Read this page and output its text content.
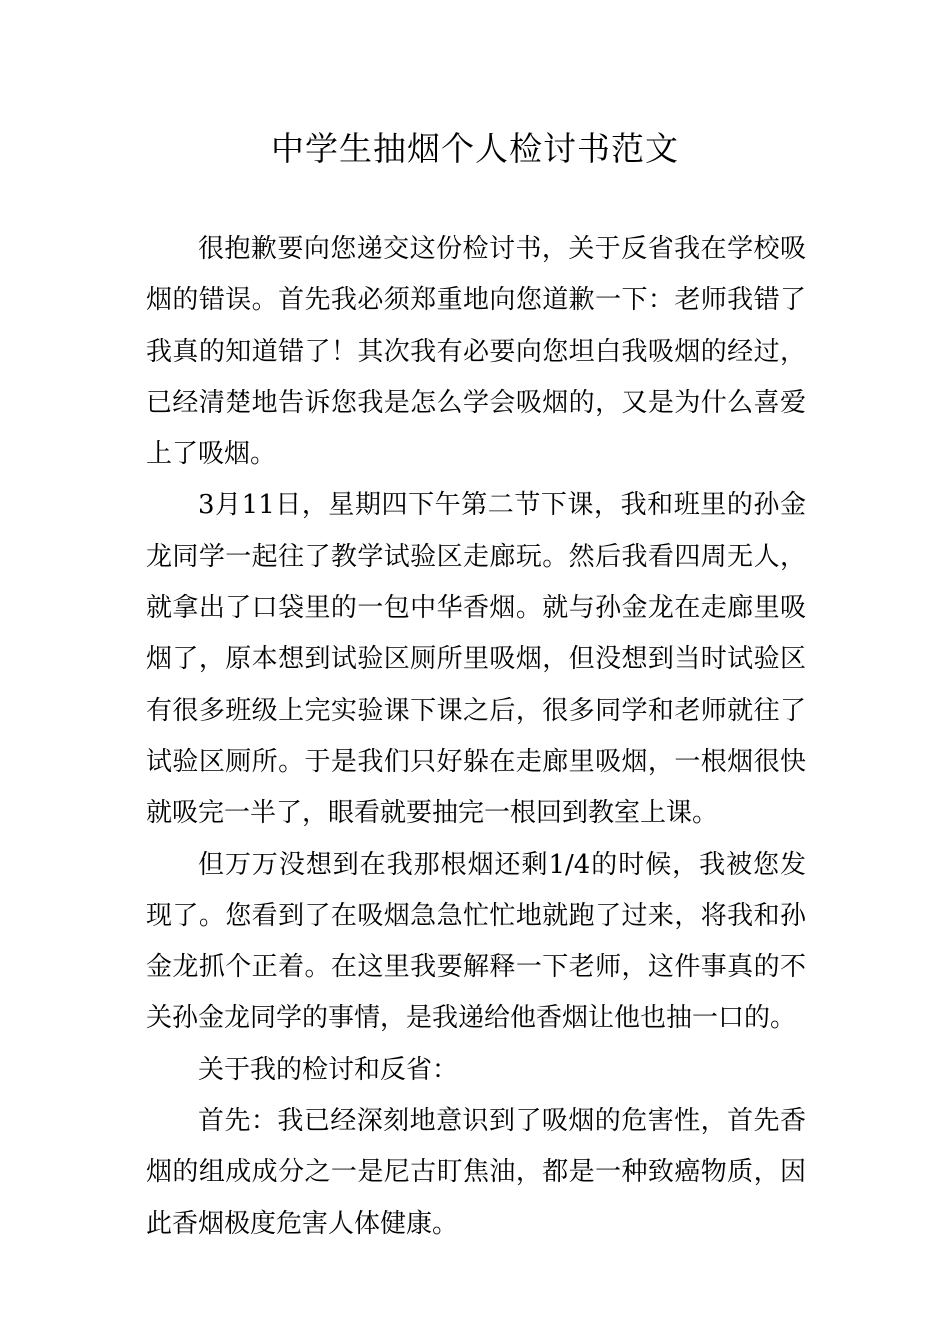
中学生抽烟个人检讨书范文

很抱歉要向您递交这份检讨书，关于反省我在学校吸烟的错误。首先我必须郑重地向您道歉一下：老师我错了我真的知道错了！其次我有必要向您坦白我吸烟的经过，已经清楚地告诉您我是怎么学会吸烟的，又是为什么喜爱上了吸烟。

3月11日，星期四下午第二节下课，我和班里的孙金龙同学一起往了教学试验区走廊玩。然后我看四周无人，就拿出了口袋里的一包中华香烟。就与孙金龙在走廊里吸烟了，原本想到试验区厕所里吸烟，但没想到当时试验区有很多班级上完实验课下课之后，很多同学和老师就往了试验区厕所。于是我们只好躲在走廊里吸烟，一根烟很快就吸完一半了，眼看就要抽完一根回到教室上课。

但万万没想到在我那根烟还剩1/4的时候，我被您发现了。您看到了在吸烟急急忙忙地就跑了过来，将我和孙金龙抓个正着。在这里我要解释一下老师，这件事真的不关孙金龙同学的事情，是我递给他香烟让他也抽一口的。

关于我的检讨和反省：

首先：我已经深刻地意识到了吸烟的危害性，首先香烟的组成成分之一是尼古盯焦油，都是一种致癌物质，因此香烟极度危害人体健康。
